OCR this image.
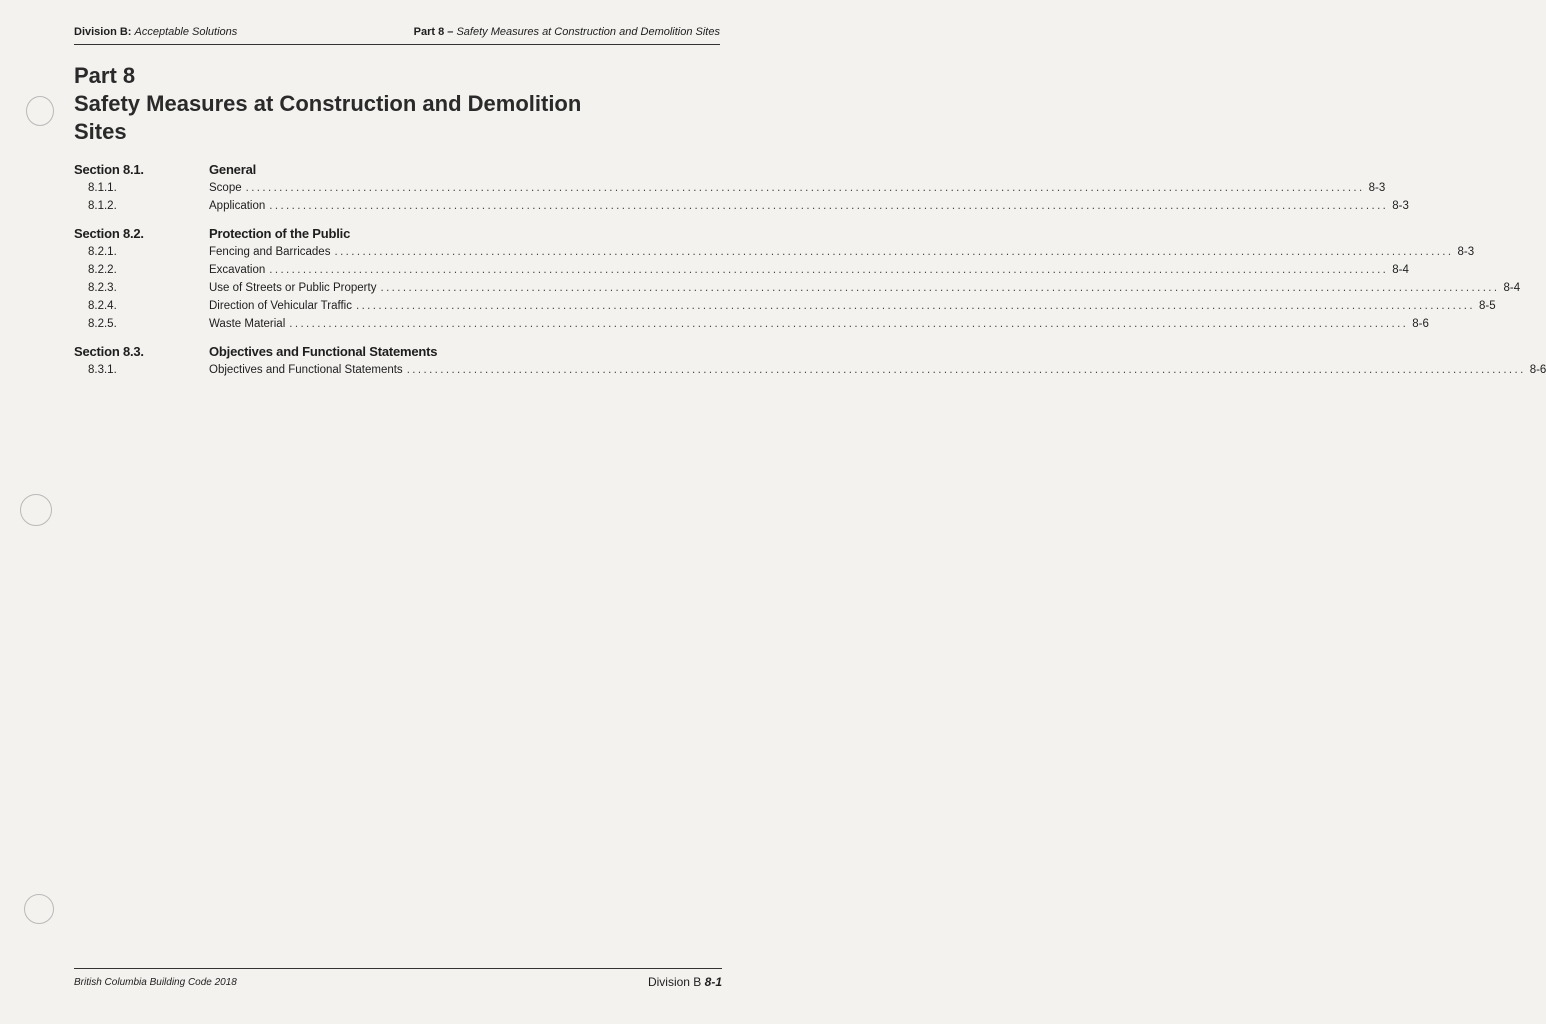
Division B: Acceptable Solutions	Part 8 – Safety Measures at Construction and Demolition Sites
Part 8
Safety Measures at Construction and Demolition Sites
Section 8.1.	General
8.1.1.	Scope ........................................................................................................................................................................................................ 8-3
8.1.2.	Application ........................................................................................................................................................................................................ 8-3
Section 8.2.	Protection of the Public
8.2.1.	Fencing and Barricades ........................................................................................................................................................................................................ 8-3
8.2.2.	Excavation ........................................................................................................................................................................................................ 8-4
8.2.3.	Use of Streets or Public Property ........................................................................................................................................................................................................ 8-4
8.2.4.	Direction of Vehicular Traffic ........................................................................................................................................................................................................ 8-5
8.2.5.	Waste Material ........................................................................................................................................................................................................ 8-6
Section 8.3.	Objectives and Functional Statements
8.3.1.	Objectives and Functional Statements ........................................................................................................................................................................................................ 8-6
British Columbia Building Code 2018	Division B 8-1
